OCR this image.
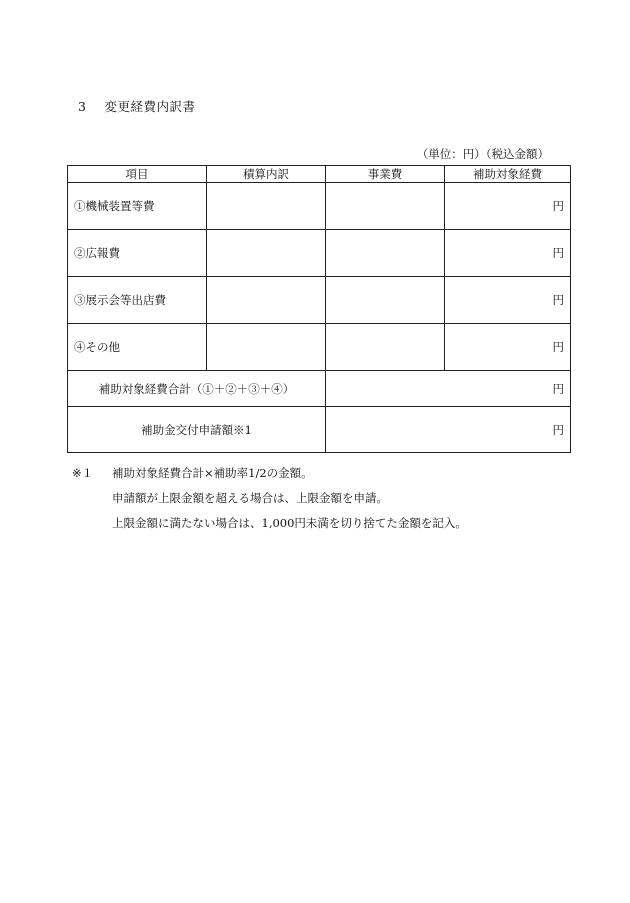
3 変更経費内訳書
（単位：円）（税込金額）
項目	積算内訳	事業費	補助対象経費
①機械装置等費			円
②広報費			円
③展示会等出店費			円
④その他			円
補助対象経費合計（①＋②＋③＋④）		円	
補助金交付申請額※1		円	
※１	補助対象経費合計×補助率1/2の金額。
申請額が上限金額を超える場合は、上限金額を申請。
上限金額に満たない場合は、1,000円未満を切り捨てた金額を記入。
